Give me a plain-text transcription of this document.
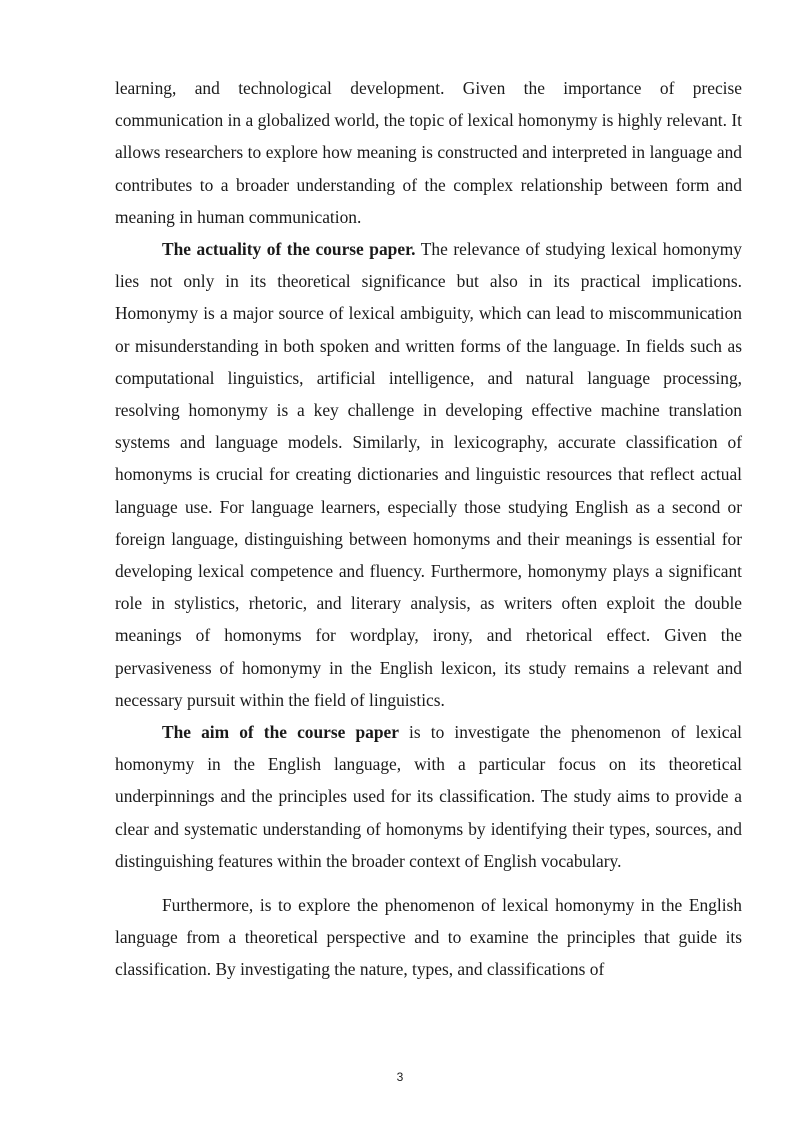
learning, and technological development. Given the importance of precise communication in a globalized world, the topic of lexical homonymy is highly relevant. It allows researchers to explore how meaning is constructed and interpreted in language and contributes to a broader understanding of the complex relationship between form and meaning in human communication.

The actuality of the course paper. The relevance of studying lexical homonymy lies not only in its theoretical significance but also in its practical implications. Homonymy is a major source of lexical ambiguity, which can lead to miscommunication or misunderstanding in both spoken and written forms of the language. In fields such as computational linguistics, artificial intelligence, and natural language processing, resolving homonymy is a key challenge in developing effective machine translation systems and language models. Similarly, in lexicography, accurate classification of homonyms is crucial for creating dictionaries and linguistic resources that reflect actual language use. For language learners, especially those studying English as a second or foreign language, distinguishing between homonyms and their meanings is essential for developing lexical competence and fluency. Furthermore, homonymy plays a significant role in stylistics, rhetoric, and literary analysis, as writers often exploit the double meanings of homonyms for wordplay, irony, and rhetorical effect. Given the pervasiveness of homonymy in the English lexicon, its study remains a relevant and necessary pursuit within the field of linguistics.

The aim of the course paper is to investigate the phenomenon of lexical homonymy in the English language, with a particular focus on its theoretical underpinnings and the principles used for its classification. The study aims to provide a clear and systematic understanding of homonyms by identifying their types, sources, and distinguishing features within the broader context of English vocabulary.

Furthermore, is to explore the phenomenon of lexical homonymy in the English language from a theoretical perspective and to examine the principles that guide its classification. By investigating the nature, types, and classifications of

3
